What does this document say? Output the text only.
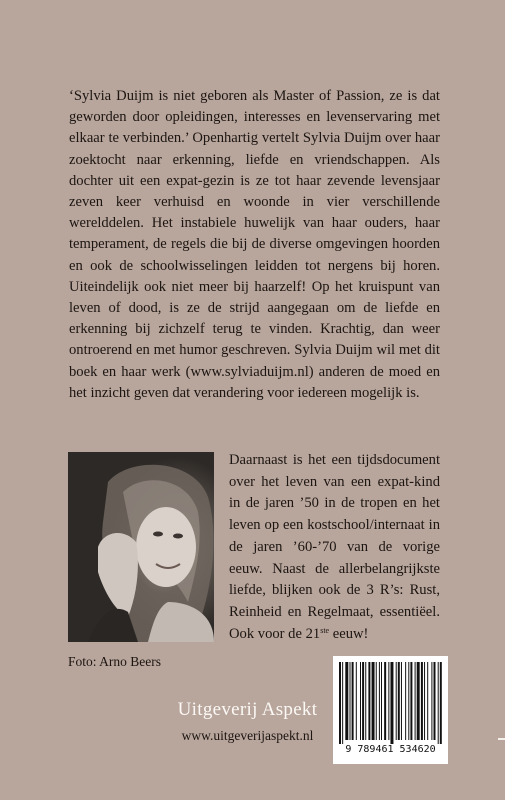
‘Sylvia Duijm is niet geboren als Master of Passion, ze is dat geworden door opleidingen, interesses en levenservaring met elkaar te verbinden.’ Openhartig vertelt Sylvia Duijm over haar zoektocht naar erkenning, liefde en vriendschappen. Als dochter uit een expat-gezin is ze tot haar zevende levensjaar zeven keer verhuisd en woonde in vier verschillende werelddelen. Het instabiele huwelijk van haar ouders, haar temperament, de regels die bij de diverse omgevingen hoorden en ook de schoolwisselingen leidden tot nergens bij horen. Uiteindelijk ook niet meer bij haarzelf! Op het kruispunt van leven of dood, is ze de strijd aangegaan om de liefde en erkenning bij zichzelf terug te vinden. Krachtig, dan weer ontroerend en met humor geschreven. Sylvia Duijm wil met dit boek en haar werk (www.sylviaduijm.nl) anderen de moed en het inzicht geven dat verandering voor iedereen mogelijk is.

Daarnaast is het een tijdsdocument over het leven van een expat-kind in de jaren ’50 in de tropen en het leven op een kostschool/internaat in de jaren ’60-’70 van de vorige eeuw. Naast de allerbelangrijkste liefde, blijken ook de 3 R’s: Rust, Reinheid en Regelmaat, essentiëel. Ook voor de 21ste eeuw!

Foto: Arno Beers
Uitgeverij Aspekt
www.uitgeverijaspekt.nl
9 789461 534620
